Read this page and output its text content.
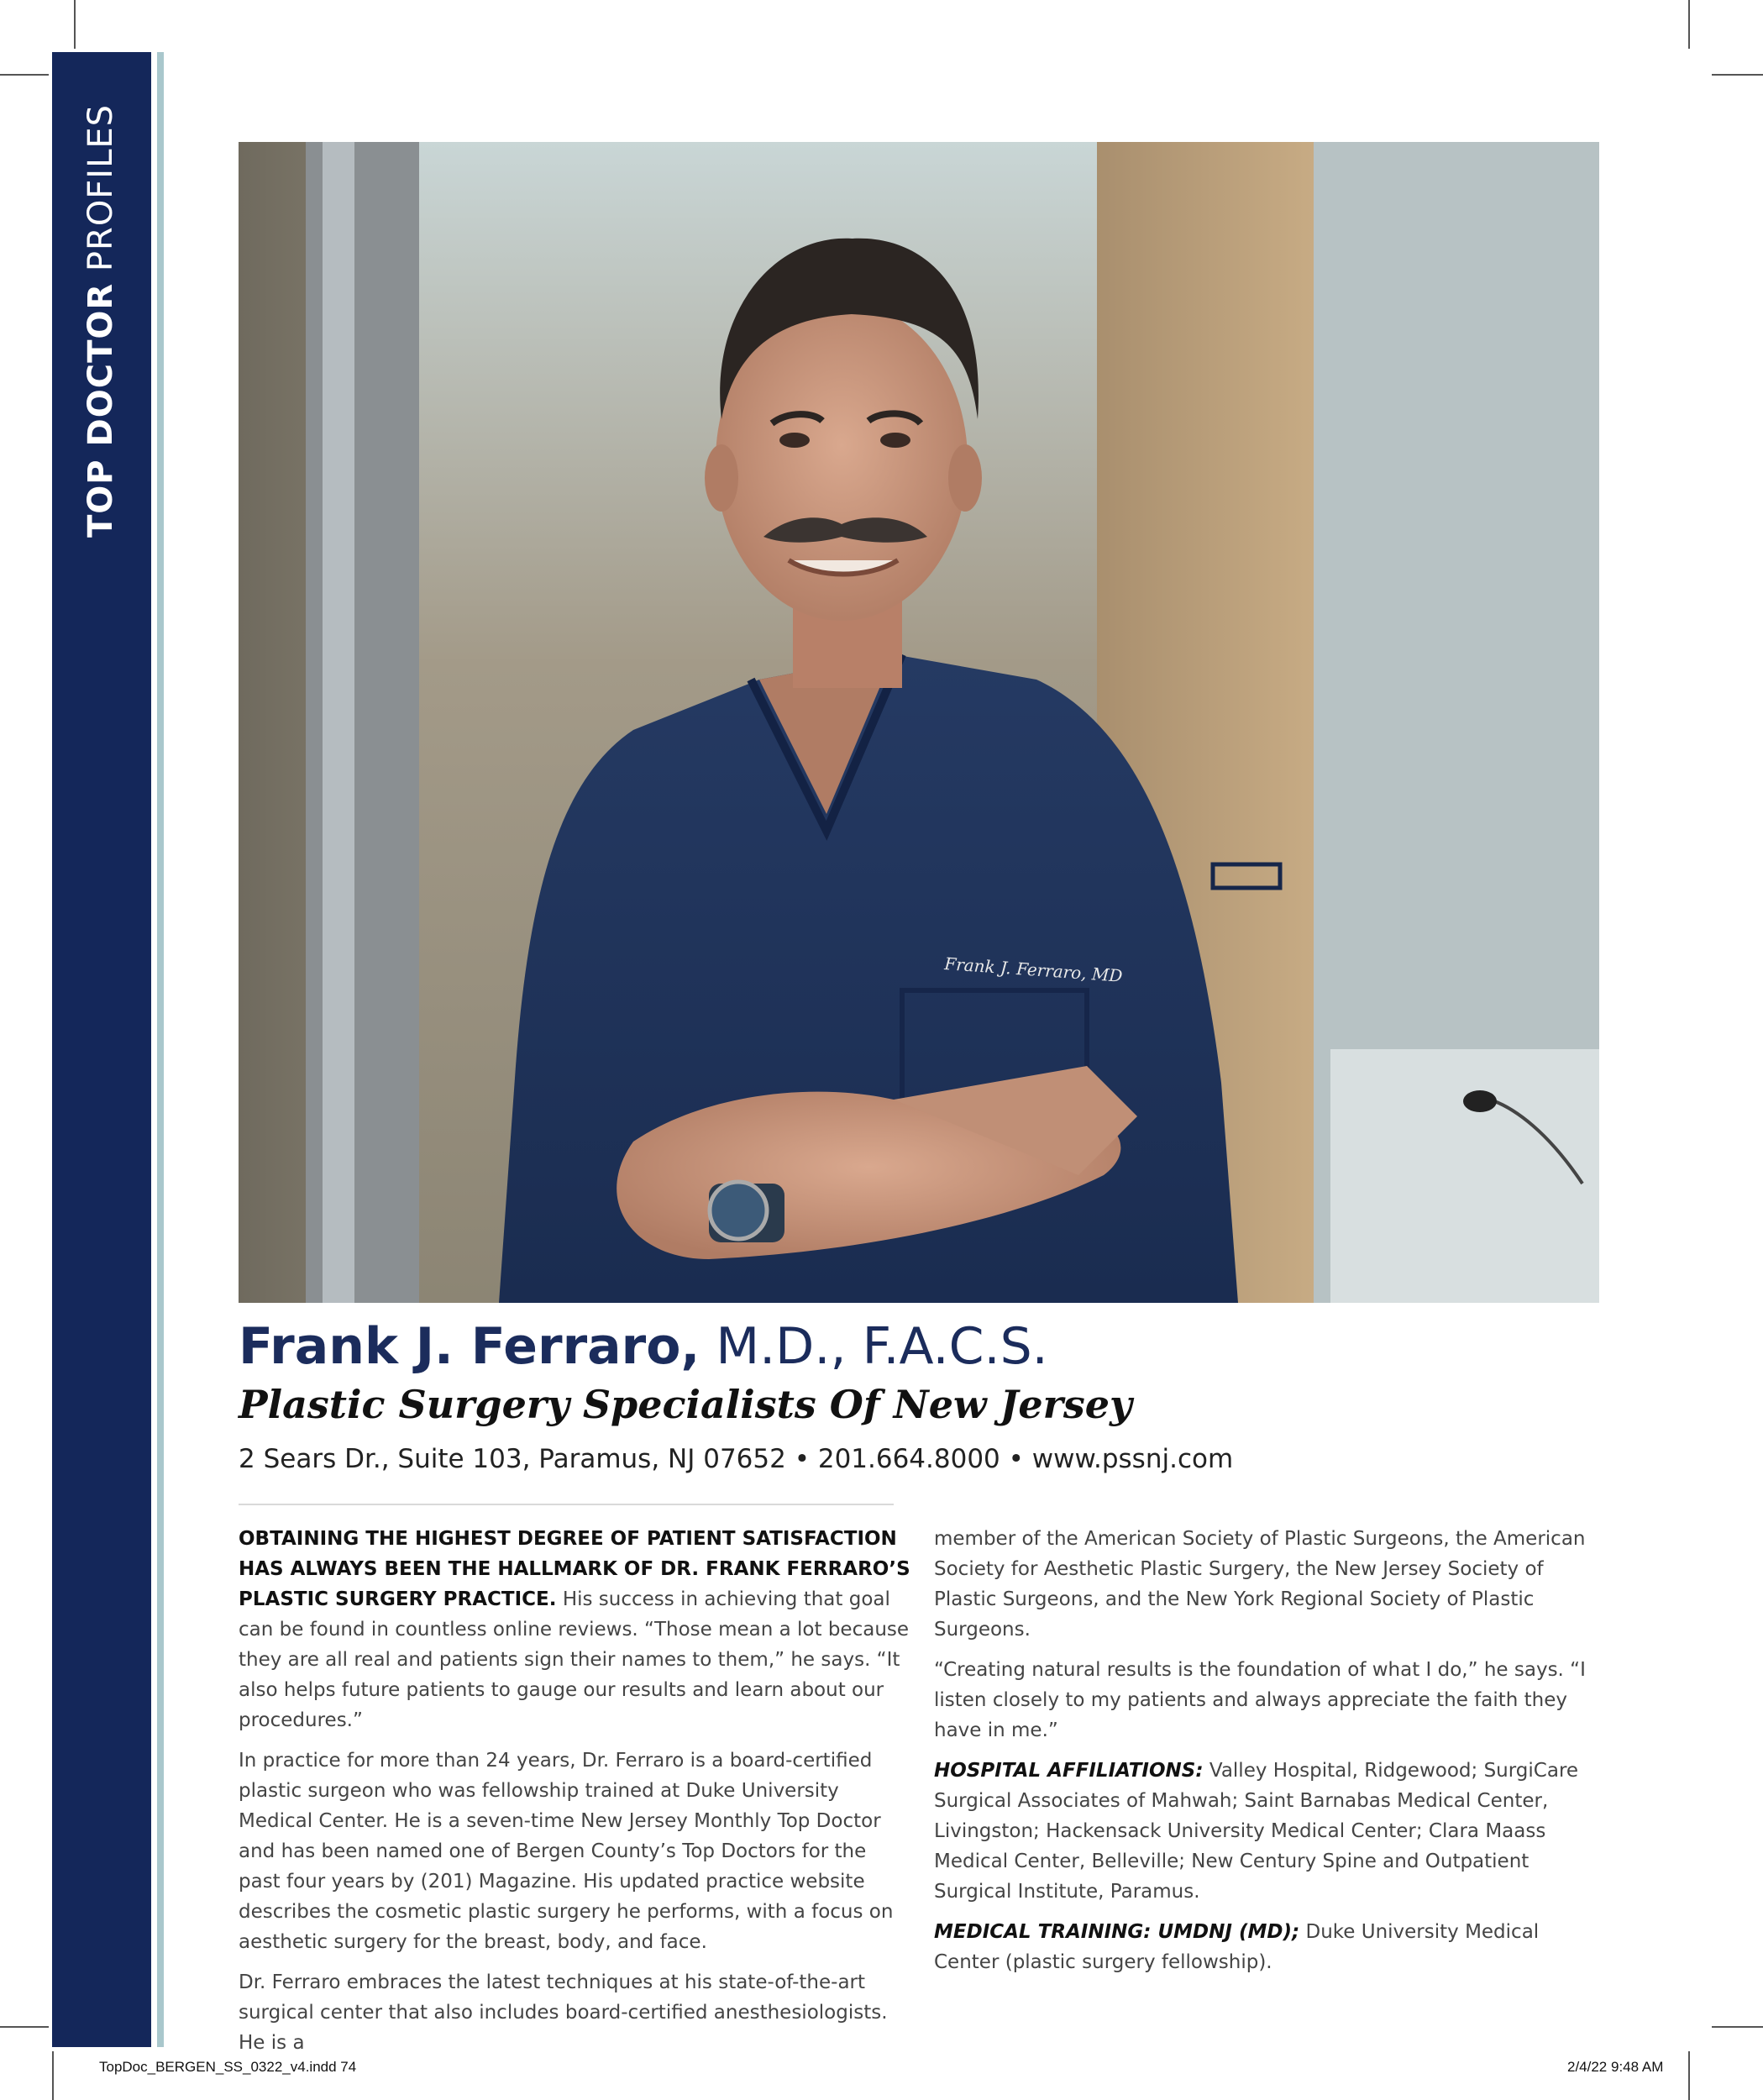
TOP DOCTOR PROFILES
Frank J. Ferraro, MD
Frank J. Ferraro, M.D., F.A.C.S.
Plastic Surgery Specialists Of New Jersey
2 Sears Dr., Suite 103, Paramus, NJ 07652 • 201.664.8000 • www.pssnj.com

OBTAINING THE HIGHEST DEGREE OF PATIENT SATISFACTION HAS ALWAYS BEEN THE HALLMARK OF DR. FRANK FERRARO’S PLASTIC SURGERY PRACTICE. His success in achieving that goal can be found in countless online reviews. “Those mean a lot because they are all real and patients sign their names to them,” he says. “It also helps future patients to gauge our results and learn about our procedures.”

In practice for more than 24 years, Dr. Ferraro is a board-certified plastic surgeon who was fellowship trained at Duke University Medical Center. He is a seven-time New Jersey Monthly Top Doctor and has been named one of Bergen County’s Top Doctors for the past four years by (201) Magazine. His updated practice website describes the cosmetic plastic surgery he performs, with a focus on aesthetic surgery for the breast, body, and face.

Dr. Ferraro embraces the latest techniques at his state-of-the-art surgical center that also includes board-certified anesthesiologists. He is a

member of the American Society of Plastic Surgeons, the American Society for Aesthetic Plastic Surgery, the New Jersey Society of Plastic Surgeons, and the New York Regional Society of Plastic Surgeons.

“Creating natural results is the foundation of what I do,” he says. “I listen closely to my patients and always appreciate the faith they have in me.”

HOSPITAL AFFILIATIONS: Valley Hospital, Ridgewood; SurgiCare Surgical Associates of Mahwah; Saint Barnabas Medical Center, Livingston; Hackensack University Medical Center; Clara Maass Medical Center, Belleville; New Century Spine and Outpatient Surgical Institute, Paramus.

MEDICAL TRAINING: UMDNJ (MD); Duke University Medical Center (plastic surgery fellowship).

TopDoc_BERGEN_SS_0322_v4.indd 74	2/4/22 9:48 AM
